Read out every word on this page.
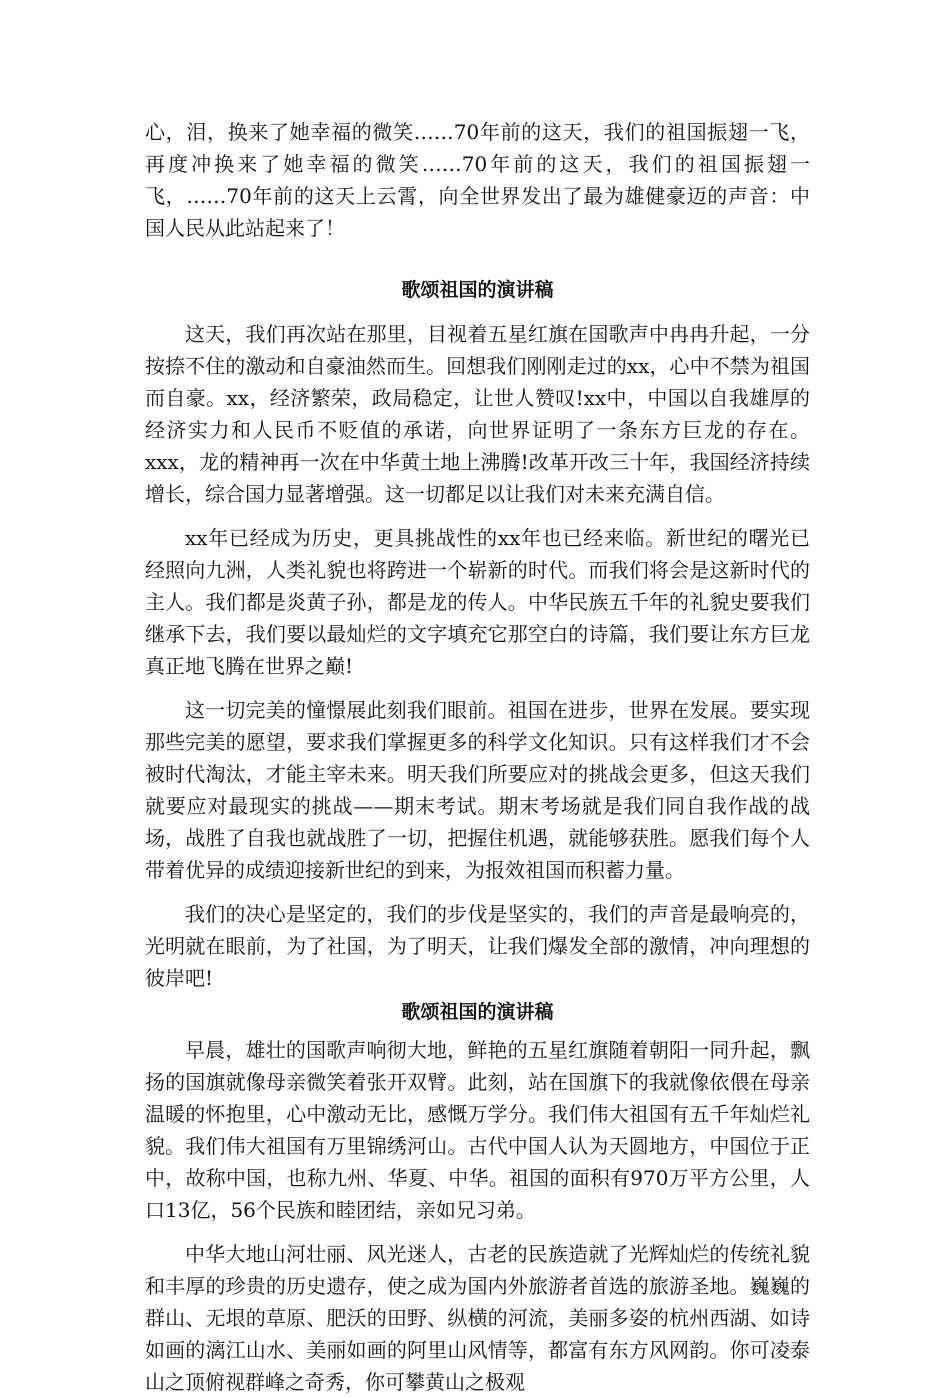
心，泪，换来了她幸福的微笑……70年前的这天，我们的祖国振翅一飞，再度冲换来了她幸福的微笑……70年前的这天，我们的祖国振翅一飞，……70年前的这天上云霄，向全世界发出了最为雄健豪迈的声音：中国人民从此站起来了！

歌颂祖国的演讲稿

这天，我们再次站在那里，目视着五星红旗在国歌声中冉冉升起，一分按捺不住的激动和自豪油然而生。回想我们刚刚走过的xx，心中不禁为祖国而自豪。xx，经济繁荣，政局稳定，让世人赞叹!xx中，中国以自我雄厚的经济实力和人民币不贬值的承诺，向世界证明了一条东方巨龙的存在。xxx，龙的精神再一次在中华黄土地上沸腾!改革开改三十年，我国经济持续增长，综合国力显著增强。这一切都足以让我们对未来充满自信。

xx年已经成为历史，更具挑战性的xx年也已经来临。新世纪的曙光已经照向九洲，人类礼貌也将跨进一个崭新的时代。而我们将会是这新时代的主人。我们都是炎黄子孙，都是龙的传人。中华民族五千年的礼貌史要我们继承下去，我们要以最灿烂的文字填充它那空白的诗篇，我们要让东方巨龙真正地飞腾在世界之巅!

这一切完美的憧憬展此刻我们眼前。祖国在进步，世界在发展。要实现那些完美的愿望，要求我们掌握更多的科学文化知识。只有这样我们才不会被时代淘汰，才能主宰未来。明天我们所要应对的挑战会更多，但这天我们就要应对最现实的挑战——期末考试。期末考场就是我们同自我作战的战场，战胜了自我也就战胜了一切，把握住机遇，就能够获胜。愿我们每个人带着优异的成绩迎接新世纪的到来，为报效祖国而积蓄力量。

我们的决心是坚定的，我们的步伐是坚实的，我们的声音是最响亮的，光明就在眼前，为了社国，为了明天，让我们爆发全部的激情，冲向理想的彼岸吧!

歌颂祖国的演讲稿

早晨，雄壮的国歌声响彻大地，鲜艳的五星红旗随着朝阳一同升起，飘扬的国旗就像母亲微笑着张开双臂。此刻，站在国旗下的我就像依偎在母亲温暖的怀抱里，心中激动无比，感慨万学分。我们伟大祖国有五千年灿烂礼貌。我们伟大祖国有万里锦绣河山。古代中国人认为天圆地方，中国位于正中，故称中国，也称九州、华夏、中华。祖国的面积有970万平方公里，人口13亿，56个民族和睦团结，亲如兄习弟。

中华大地山河壮丽、风光迷人，古老的民族造就了光辉灿烂的传统礼貌和丰厚的珍贵的历史遗存，使之成为国内外旅游者首选的旅游圣地。巍巍的群山、无垠的草原、肥沃的田野、纵横的河流，美丽多姿的杭州西湖、如诗如画的漓江山水、美丽如画的阿里山风情等，都富有东方风网韵。你可凌泰山之顶俯视群峰之奇秀，你可攀黄山之极观
